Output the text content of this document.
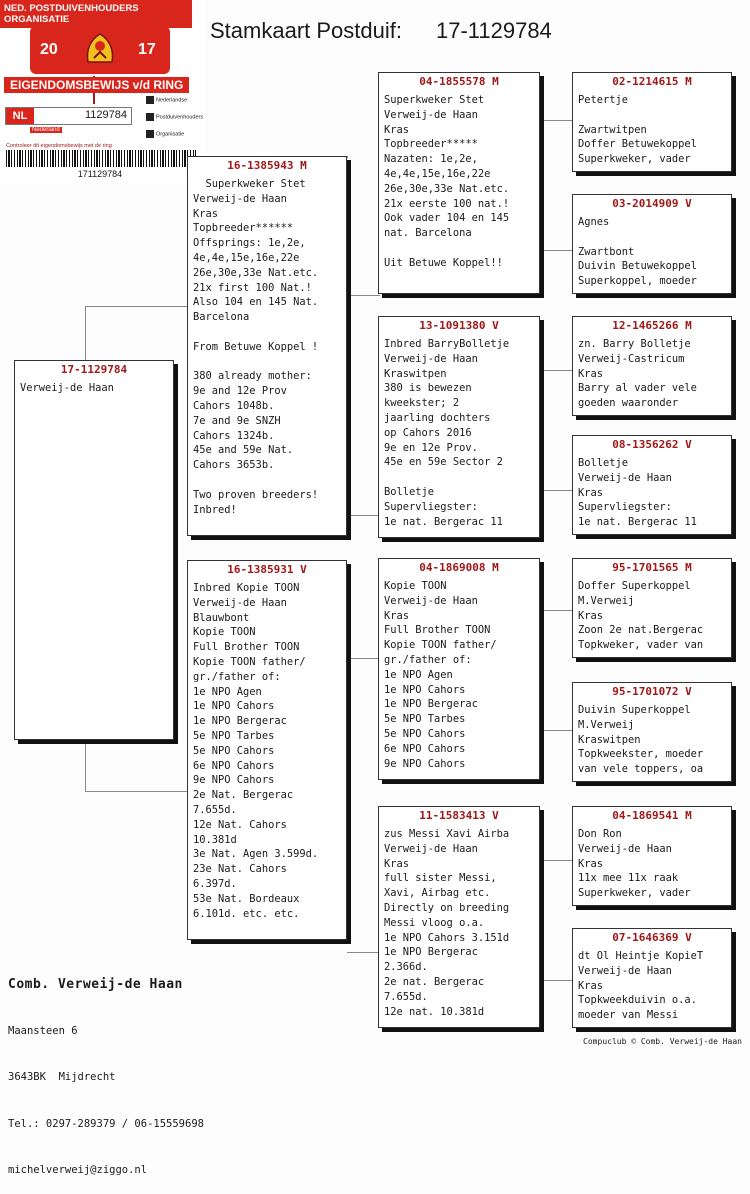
Stamkaart Postduif: 17-1129784
NED. POSTDUIVENHOUDERS ORGANISATIE
20	17
EIGENDOMSBEWIJS v/d RING
NL	1129784
Nederlandse
Postduivenhouders
Organisatie
Nederland
Controleer dit eigendomsbewijs met de ring
171129784
17-1129784
Verweij-de Haan
16-1385943 M
Superkweker Stet
Verweij-de Haan
Kras
Topbreeder******
Offsprings: 1e,2e,
4e,4e,15e,16e,22e
26e,30e,33e Nat.etc.
21x first 100 Nat.!
Also 104 en 145 Nat.
Barcelona

From Betuwe Koppel !

380 already mother:
9e and 12e Prov
Cahors 1048b.
7e and 9e SNZH
Cahors 1324b.
45e and 59e Nat.
Cahors 3653b.

Two proven breeders!
Inbred!
16-1385931 V
Inbred Kopie TOON
Verweij-de Haan
Blauwbont
Kopie TOON
Full Brother TOON
Kopie TOON father/
gr./father of:
1e NPO Agen
1e NPO Cahors
1e NPO Bergerac
5e NPO Tarbes
5e NPO Cahors
6e NPO Cahors
9e NPO Cahors
2e Nat. Bergerac
7.655d.
12e Nat. Cahors
10.381d
3e Nat. Agen 3.599d.
23e Nat. Cahors
6.397d.
53e Nat. Bordeaux
6.101d. etc. etc.
04-1855578 M
Superkweker Stet
Verweij-de Haan
Kras
Topbreeder*****
Nazaten: 1e,2e,
4e,4e,15e,16e,22e
26e,30e,33e Nat.etc.
21x eerste 100 nat.!
Ook vader 104 en 145
nat. Barcelona

Uit Betuwe Koppel!!
13-1091380 V
Inbred BarryBolletje
Verweij-de Haan
Kraswitpen
380 is bewezen
kweekster; 2
jaarling dochters
op Cahors 2016
9e en 12e Prov.
45e en 59e Sector 2

Bolletje
Supervliegster:
1e nat. Bergerac 11
04-1869008 M
Kopie TOON
Verweij-de Haan
Kras
Full Brother TOON
Kopie TOON father/
gr./father of:
1e NPO Agen
1e NPO Cahors
1e NPO Bergerac
5e NPO Tarbes
5e NPO Cahors
6e NPO Cahors
9e NPO Cahors
11-1583413 V
zus Messi Xavi Airba
Verweij-de Haan
Kras
full sister Messi,
Xavi, Airbag etc.
Directly on breeding
Messi vloog o.a.
1e NPO Cahors 3.151d
1e NPO Bergerac
2.366d.
2e nat. Bergerac
7.655d.
12e nat. 10.381d
02-1214615 M
Petertje

Zwartwitpen
Doffer Betuwekoppel
Superkweker, vader
03-2014909 V
Agnes

Zwartbont
Duivin Betuwekoppel
Superkoppel, moeder
12-1465266 M
zn. Barry Bolletje
Verweij-Castricum
Kras
Barry al vader vele
goeden waaronder
08-1356262 V
Bolletje
Verweij-de Haan
Kras
Supervliegster:
1e nat. Bergerac 11
95-1701565 M
Doffer Superkoppel
M.Verweij
Kras
Zoon 2e nat.Bergerac
Topkweker, vader van
95-1701072 V
Duivin Superkoppel
M.Verweij
Kraswitpen
Topkweekster, moeder
van vele toppers, oa
04-1869541 M
Don Ron
Verweij-de Haan
Kras
11x mee 11x raak
Superkweker, vader
07-1646369 V
dt Ol Heintje KopieT
Verweij-de Haan
Kras
Topkweekduivin o.a.
moeder van Messi

Comb. Verweij-de Haan

Maansteen 6

3643BK  Mijdrecht

Tel.: 0297-289379 / 06-15559698

michelverweij@ziggo.nl

Compuclub © Comb. Verweij-de Haan
